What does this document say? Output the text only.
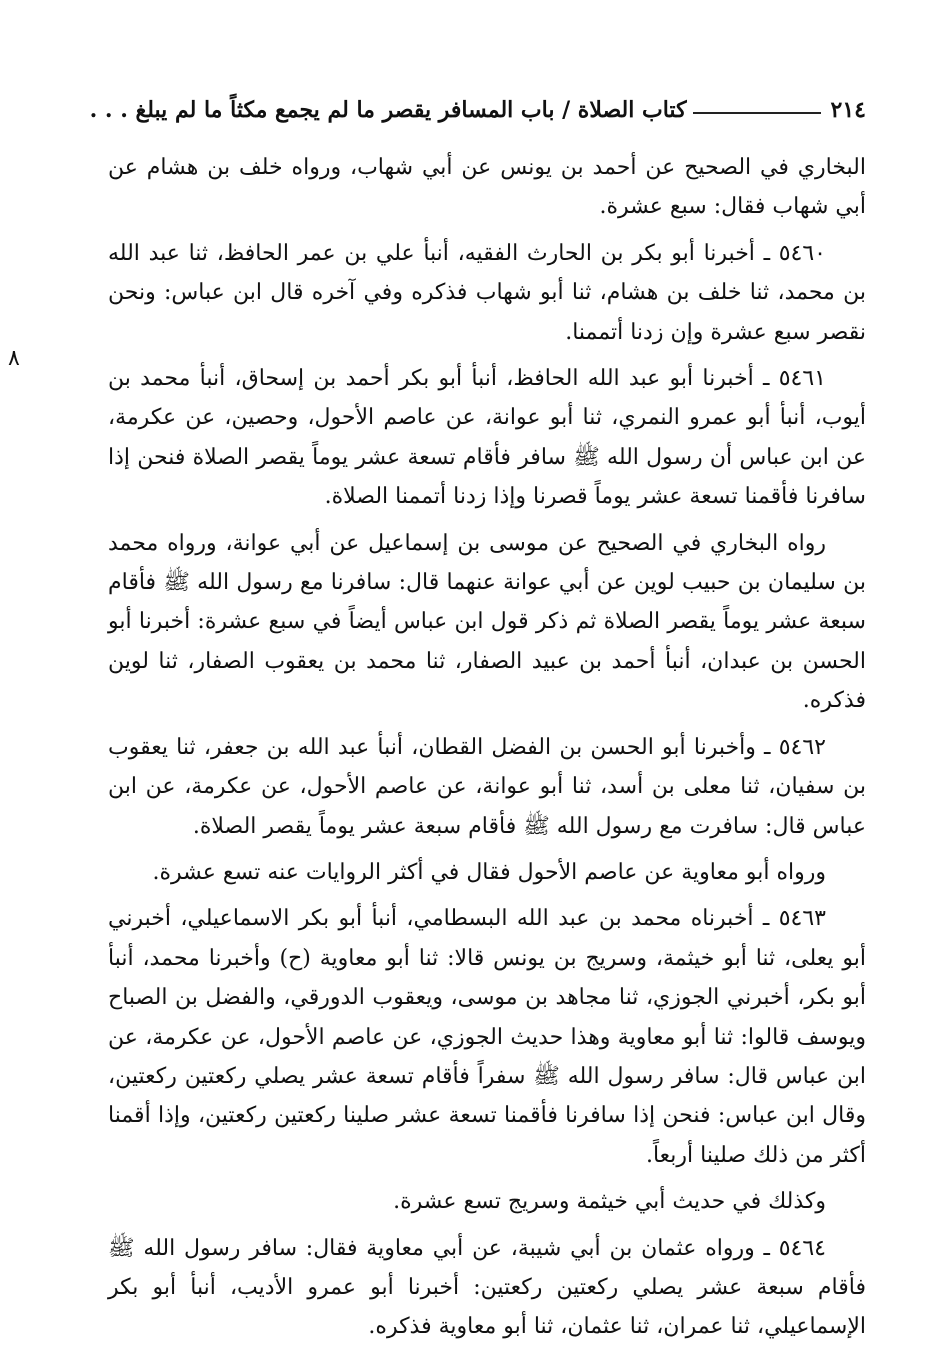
٢١٤
كتاب الصلاة / باب المسافر يقصر ما لم يجمع مكثاً ما لم يبلغ . . .

البخاري في الصحيح عن أحمد بن يونس عن أبي شهاب، ورواه خلف بن هشام عن أبي شهاب فقال: سبع عشرة.

٥٤٦٠ ـ أخبرنا أبو بكر بن الحارث الفقيه، أنبأ علي بن عمر الحافظ، ثنا عبد الله بن محمد، ثنا خلف بن هشام، ثنا أبو شهاب فذكره وفي آخره قال ابن عباس: ونحن نقصر سبع عشرة وإن زدنا أتممنا.

٥٤٦١ ـ أخبرنا أبو عبد الله الحافظ، أنبأ أبو بكر أحمد بن إسحاق، أنبأ محمد بن أيوب، أنبأ أبو عمرو النمري، ثنا أبو عوانة، عن عاصم الأحول، وحصين، عن عكرمة، عن ابن عباس أن رسول الله ﷺ سافر فأقام تسعة عشر يوماً يقصر الصلاة فنحن إذا سافرنا فأقمنا تسعة عشر يوماً قصرنا وإذا زدنا أتممنا الصلاة.

رواه البخاري في الصحيح عن موسى بن إسماعيل عن أبي عوانة، ورواه محمد بن سليمان بن حبيب لوين عن أبي عوانة عنهما قال: سافرنا مع رسول الله ﷺ فأقام سبعة عشر يوماً يقصر الصلاة ثم ذكر قول ابن عباس أيضاً في سبع عشرة: أخبرنا أبو الحسن بن عبدان، أنبأ أحمد بن عبيد الصفار، ثنا محمد بن يعقوب الصفار، ثنا لوين فذكره.

٥٤٦٢ ـ وأخبرنا أبو الحسن بن الفضل القطان، أنبأ عبد الله بن جعفر، ثنا يعقوب بن سفيان، ثنا معلى بن أسد، ثنا أبو عوانة، عن عاصم الأحول، عن عكرمة، عن ابن عباس قال: سافرت مع رسول الله ﷺ فأقام سبعة عشر يوماً يقصر الصلاة.

ورواه أبو معاوية عن عاصم الأحول فقال في أكثر الروايات عنه تسع عشرة.

٥٤٦٣ ـ أخبرناه محمد بن عبد الله البسطامي، أنبأ أبو بكر الاسماعيلي، أخبرني أبو يعلى، ثنا أبو خيثمة، وسريج بن يونس قالا: ثنا أبو معاوية (ح) وأخبرنا محمد، أنبأ أبو بكر، أخبرني الجوزي، ثنا مجاهد بن موسى، ويعقوب الدورقي، والفضل بن الصباح ويوسف قالوا: ثنا أبو معاوية وهذا حديث الجوزي، عن عاصم الأحول، عن عكرمة، عن ابن عباس قال: سافر رسول الله ﷺ سفراً فأقام تسعة عشر يصلي ركعتين ركعتين، وقال ابن عباس: فنحن إذا سافرنا فأقمنا تسعة عشر صلينا ركعتين ركعتين، وإذا أقمنا أكثر من ذلك صلينا أربعاً.

وكذلك في حديث أبي خيثمة وسريج تسع عشرة.

٥٤٦٤ ـ ورواه عثمان بن أبي شيبة، عن أبي معاوية فقال: سافر رسول الله ﷺ فأقام سبعة عشر يصلي ركعتين ركعتين: أخبرنا أبو عمرو الأديب، أنبأ أبو بكر الإسماعيلي، ثنا عمران، ثنا عثمان، ثنا أبو معاوية فذكره.

٨
